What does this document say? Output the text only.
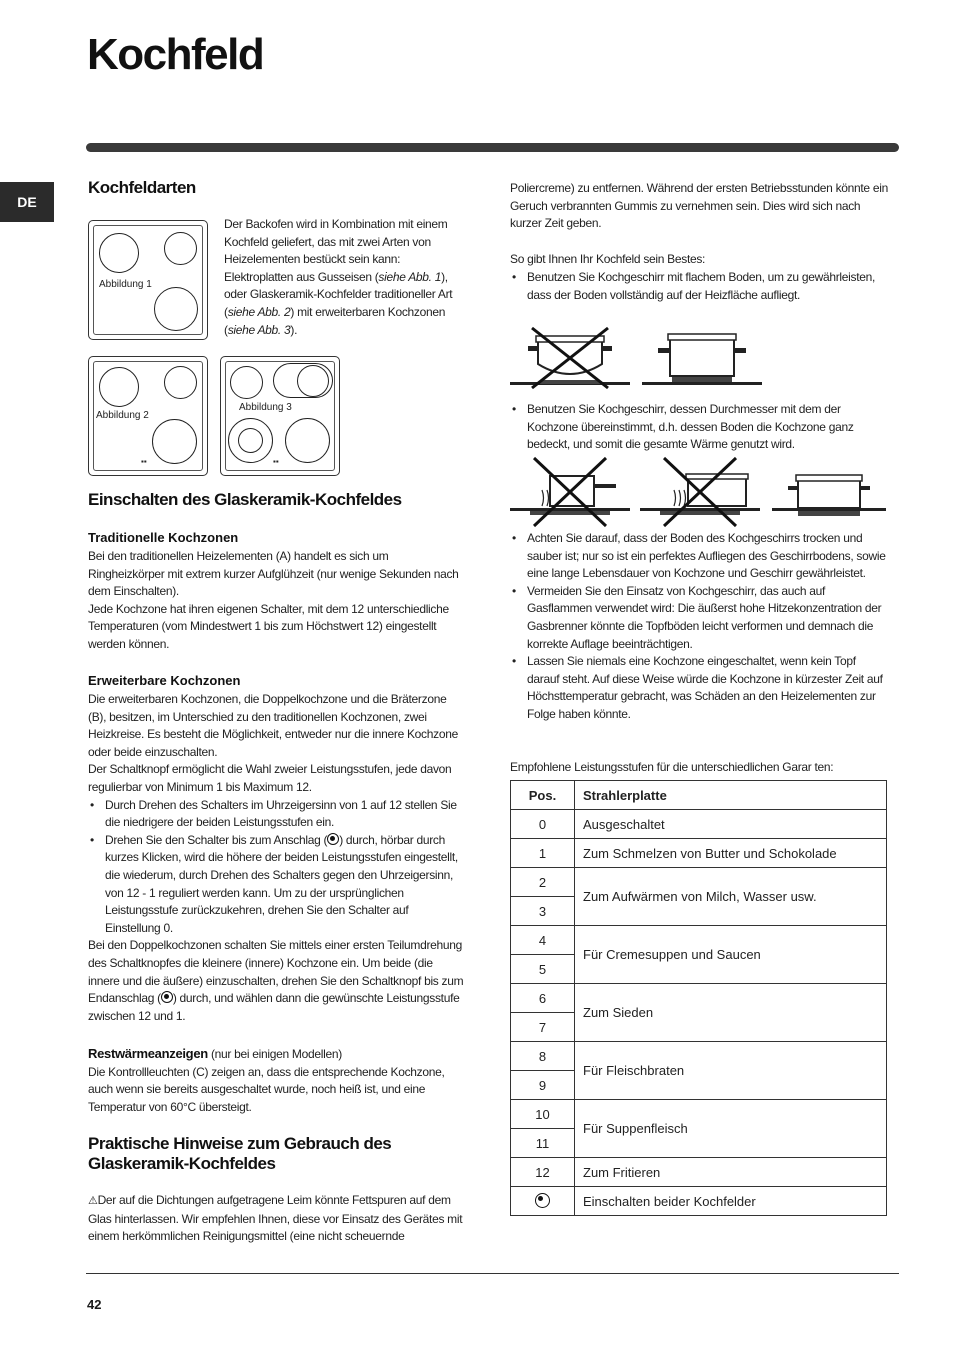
Kochfeld
DE
Kochfeldarten
Abbildung 1
Abbildung 2
▪▪

Abbildung 3
▪▪
Der Backofen wird in Kombination mit einem Kochfeld geliefert, das mit zwei Arten von Heizelementen bestückt sein kann: Elektroplatten aus Gusseisen (siehe Abb. 1), oder Glaskeramik-Kochfelder traditioneller Art (siehe Abb. 2) mit erweiterbaren Kochzonen (siehe Abb. 3).
Einschalten des Glaskeramik-Kochfeldes
Traditionelle Kochzonen

Bei den traditionellen Heizelementen (A) handelt es sich um Ringheizkörper mit extrem kurzer Aufglühzeit (nur wenige Sekunden nach dem Einschalten).

Jede Kochzone hat ihren eigenen Schalter, mit dem 12 unterschiedliche Temperaturen (vom Mindestwert 1 bis zum Höchstwert 12) eingestellt werden können.

Erweiterbare Kochzonen

Die erweiterbaren Kochzonen, die Doppelkochzone und die Bräterzone (B), besitzen, im Unterschied zu den traditionellen Kochzonen, zwei Heizkreise. Es besteht die Möglichkeit, entweder nur die innere Kochzone oder beide einzuschalten.

Der Schaltknopf ermöglicht die Wahl zweier Leistungsstufen, jede davon regulierbar von Minimum 1 bis Maximum 12.

• Durch Drehen des Schalters im Uhrzeigersinn von 1 auf 12 stellen Sie die niedrigere der beiden Leistungsstufen ein.
• Drehen Sie den Schalter bis zum Anschlag ( ) durch, hörbar durch kurzes Klicken, wird die höhere der beiden Leistungsstufen eingestellt, die wiederum, durch Drehen des Schalters gegen den Uhrzeigersinn, von 12 - 1 reguliert werden kann. Um zu der ursprünglichen Leistungsstufe zurückzukehren, drehen Sie den Schalter auf Einstellung 0.

Bei den Doppelkochzonen schalten Sie mittels einer ersten Teilumdrehung des Schaltknopfes die kleinere (innere) Kochzone ein. Um beide (die innere und die äußere) einzuschalten, drehen Sie den Schaltknopf bis zum Endanschlag ( ) durch, und wählen dann die gewünschte Leistungsstufe zwischen 12 und 1.

Restwärmeanzeigen (nur bei einigen Modellen)

Die Kontrollleuchten (C) zeigen an, dass die entsprechende Kochzone, auch wenn sie bereits ausgeschaltet wurde, noch heiß ist, und eine Temperatur von 60°C übersteigt.

Praktische Hinweise zum Gebrauch des Glaskeramik-Kochfeldes
⚠Der auf die Dichtungen aufgetragene Leim könnte Fettspuren auf dem Glas hinterlassen. Wir empfehlen Ihnen, diese vor Einsatz des Gerätes mit einem herkömmlichen Reinigungsmittel (eine nicht scheuernde
Poliercreme) zu entfernen. Während der ersten Betriebsstunden könnte ein Geruch verbrannten Gummis zu vernehmen sein. Dies wird sich nach kurzer Zeit geben.
So gibt Ihnen Ihr Kochfeld sein Bestes:
• Benutzen Sie Kochgeschirr mit flachem Boden, um zu gewährleisten, dass der Boden vollständig auf der Heizfläche aufliegt.
• Benutzen Sie Kochgeschirr, dessen Durchmesser mit dem der Kochzone übereinstimmt, d.h. dessen Boden die Kochzone ganz bedeckt, und somit die gesamte Wärme genutzt wird.
• Achten Sie darauf, dass der Boden des Kochgeschirrs trocken und sauber ist; nur so ist ein perfektes Aufliegen des Geschirrbodens, sowie eine lange Lebensdauer von Kochzone und Geschirr gewährleistet.
• Vermeiden Sie den Einsatz von Kochgeschirr, das auch auf Gasflammen verwendet wird: Die äußerst hohe Hitzekonzentration der Gasbrenner könnte die Topfböden leicht verformen und demnach die korrekte Auflage beeinträchtigen.
• Lassen Sie niemals eine Kochzone eingeschaltet, wenn kein Topf darauf steht. Auf diese Weise würde die Kochzone in kürzester Zeit auf Höchsttemperatur gebracht, was Schäden an den Heizelementen zur Folge haben könnte.
Empfohlene Leistungsstufen für die unterschiedlichen Garar ten:
Pos.	Strahlerplatte
0	Ausgeschaltet
1	Zum Schmelzen von Butter und Schokolade
2	Zum Aufwärmen von Milch, Wasser usw.
3	
4	Für Cremesuppen und Saucen
5	
6	Zum Sieden
7	
8	Für Fleischbraten
9	
10	Für Suppenfleisch
11	
12	Zum Fritieren
	Einschalten beider Kochfelder
42
